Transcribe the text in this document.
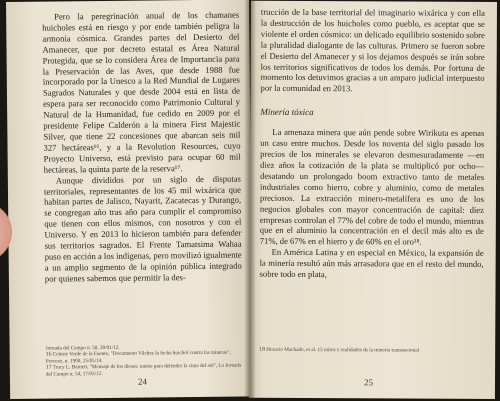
Pero la peregrinación anual de los chamanes huicholes está en riesgo y por ende también peligra la armonía cósmica. Grandes partes del Desierto del Amanecer, que por decreto estatal es Área Natural Protegida, que se lo considera Área de Importancia para la Preservación de las Aves, que desde 1988 fue incorporado por la Unesco a la Red Mundial de Lugares Sagrados Naturales y que desde 2004 está en lista de espera para ser reconocido como Patrimonio Cultural y Natural de la Humanidad, fue cedido en 2009 por el presidente Felipe Calderón a la minera First Majestic Silver, que tiene 22 concesiones que abarcan seis mil 327 hectáreas¹⁶, y a la Revolution Resources, cuyo Proyecto Universo, está previsto para ocupar 60 mil hectáreas, la quinta parte de la reserva¹⁷.

Aunque divididos por un siglo de disputas territoriales, representantes de los 45 mil wixárica que habitan partes de Jalisco, Nayarit, Zacatecas y Durango, se congregan año tras año para cumplir el compromiso que tienen con ellos mismos, con nosotros y con el Universo. Y en 2013 lo hicieron también para defender sus territorios sagrados. El Frente Tamatsima Wahaa puso en acción a los indígenas, pero movilizó igualmente a un amplio segmento de la opinión pública integrado por quienes sabemos que permitir la des-

Jornada del Campo n. 50, 28/01/12.

16 Celeste Verde de la Fuente, "Documento Vilchez la fecha huichol contra las mineras", Proceso, n. 1900, 25/05/14.

17 Tracy L. Barnett, "Mensaje de los dioses: unirse para defender la cima del sol", La Jornada del Campo n. 54, 17/05/12.

24

trucción de la base territorial del imaginario wixárica y con ella la destrucción de los huicholes como pueblo, es aceptar que se violente el orden cósmico: un delicado equilibrio sostenido sobre la pluralidad dialogante de las culturas. Primero se fueron sobre el Desierto del Amanecer y si los dejamos después se irán sobre los territorios significativos de todos los demás. Por fortuna de momento los detuvimos gracias a un amparo judicial interpuesto por la comunidad en 2013.

Minería tóxica

La amenaza minera que aún pende sobre Wirikuta es apenas un caso entre muchos. Desde los noventa del siglo pasado los precios de los minerales se elevaron desmesuradamente —en diez años la cotización de la plata se multiplicó por ocho— desatando un prolongado boom extractivo tanto de metales industriales como hierro, cobre y aluminio, como de metales preciosos. La extracción minero-metalífera es uno de los negocios globales con mayor concentración de capital: diez empresas controlan el 77% del cobre de todo el mundo, mientras que en el aluminio la concentración en el decil más alto es de 71%, de 67% en el hierro y de 60% en el oro¹⁸.

En América Latina y en especial en México, la expansión de la minería resultó aún más arrasadora que en el resto del mundo, sobre todo en plata,

18 Horacio Machado, et al. 15 mitos y realidades de la minería transnacional

25
